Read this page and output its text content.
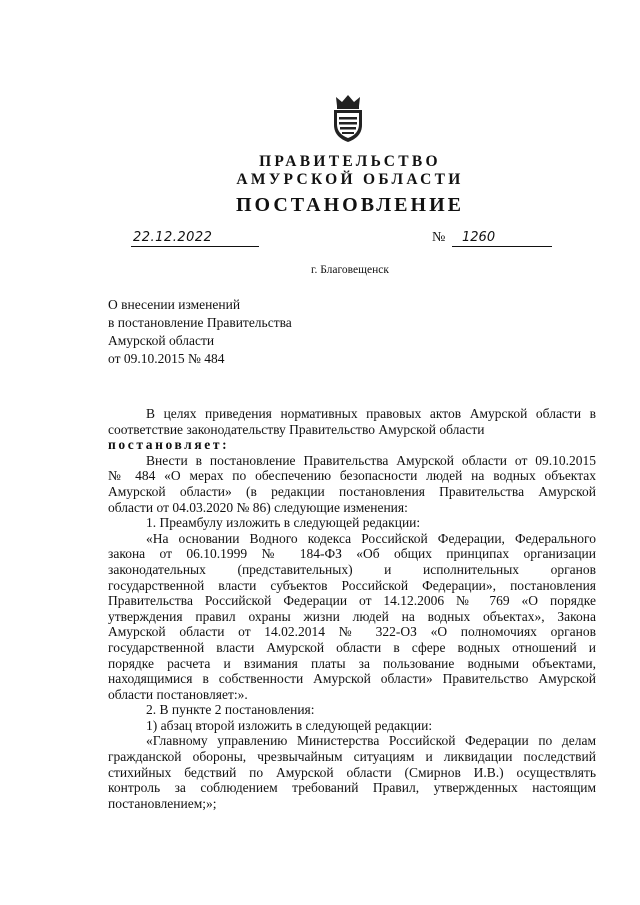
ПРАВИТЕЛЬСТВО
АМУРСКОЙ ОБЛАСТИ
ПОСТАНОВЛЕНИЕ
22.12.2022	№	1260
г. Благовещенск
О внесении изменений
в постановление Правительства
Амурской области
от 09.10.2015 № 484

В целях приведения нормативных правовых актов Амурской области в

соответствие законодательству Правительство Амурской области

постановляет:

Внести в постановление Правительства Амурской области от 09.10.2015

№ 484 «О мерах по обеспечению безопасности людей на водных объектах

Амурской области» (в редакции постановления Правительства Амурской

области от 04.03.2020 № 86) следующие изменения:

1. Преамбулу изложить в следующей редакции:

«На основании Водного кодекса Российской Федерации, Федерального

закона от 06.10.1999 № 184-ФЗ «Об общих принципах организации

законодательных (представительных) и исполнительных органов

государственной власти субъектов Российской Федерации», постановления

Правительства Российской Федерации от 14.12.2006 № 769 «О порядке

утверждения правил охраны жизни людей на водных объектах», Закона

Амурской области от 14.02.2014 № 322-ОЗ «О полномочиях органов

государственной власти Амурской области в сфере водных отношений и

порядке расчета и взимания платы за пользование водными объектами,

находящимися в собственности Амурской области» Правительство Амурской

области постановляет:».

2. В пункте 2 постановления:

1) абзац второй изложить в следующей редакции:

«Главному управлению Министерства Российской Федерации по делам

гражданской обороны, чрезвычайным ситуациям и ликвидации последствий

стихийных бедствий по Амурской области (Смирнов И.В.) осуществлять

контроль за соблюдением требований Правил, утвержденных настоящим

постановлением;»;
